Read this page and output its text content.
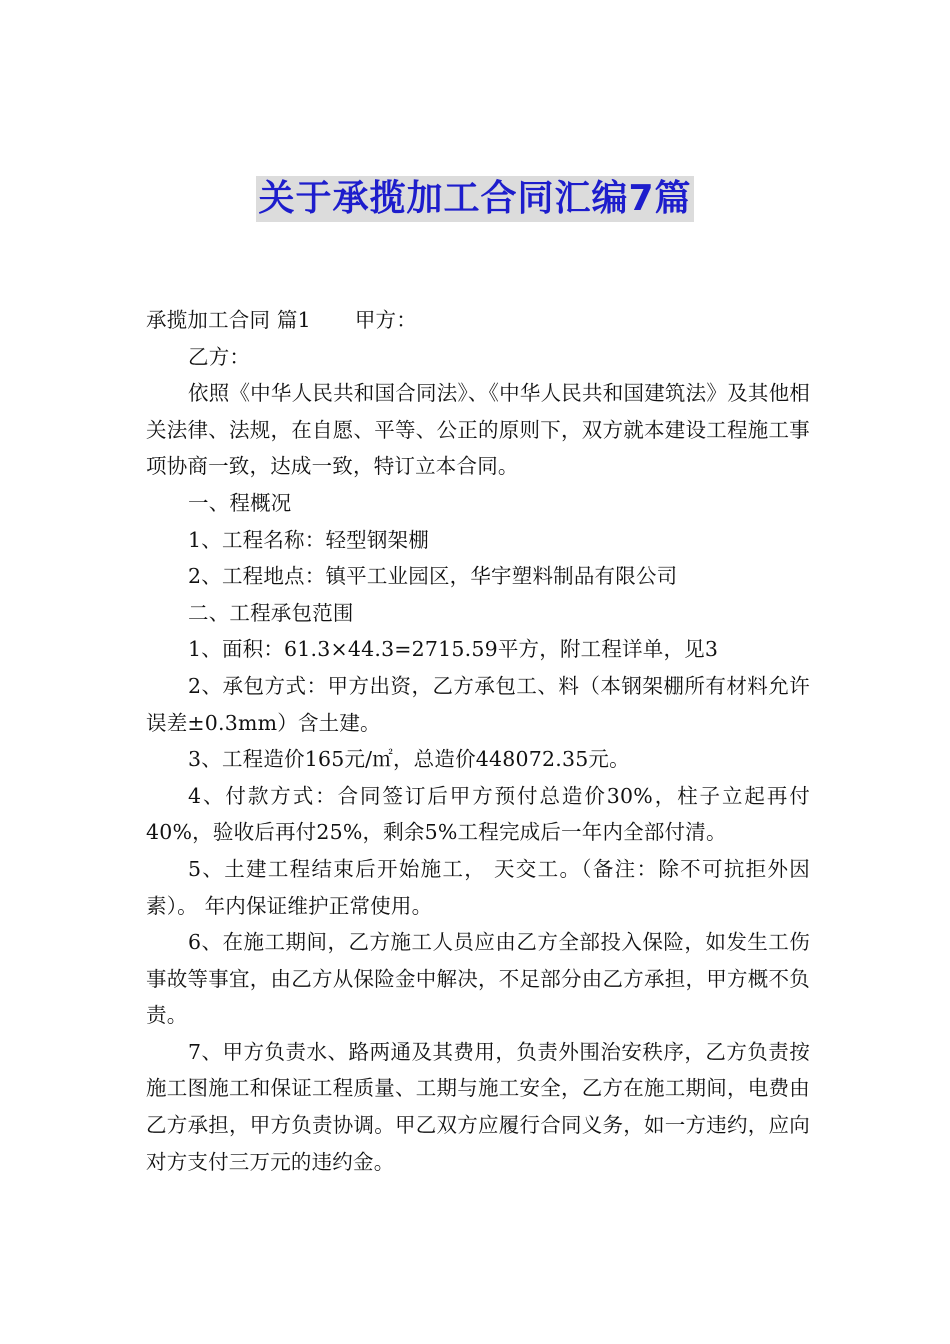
关于承揽加工合同汇编7篇

承揽加工合同 篇1 甲方：

乙方：

依照《中华人民共和国合同法》、《中华人民共和国建筑法》及其他相关法律、法规，在自愿、平等、公正的原则下，双方就本建设工程施工事项协商一致，达成一致，特订立本合同。

一、程概况

1、工程名称：轻型钢架棚

2、工程地点：镇平工业园区，华宇塑料制品有限公司

二、工程承包范围

1、面积：61.3×44.3=2715.59平方，附工程详单，见3

2、承包方式：甲方出资，乙方承包工、料（本钢架棚所有材料允许误差±0.3mm）含土建。

3、工程造价165元/㎡，总造价448072.35元。

4、付款方式：合同签订后甲方预付总造价30%，柱子立起再付40%，验收后再付25%，剩余5%工程完成后一年内全部付清。

5、土建工程结束后开始施工， 天交工。（备注：除不可抗拒外因素）。 年内保证维护正常使用。

6、在施工期间，乙方施工人员应由乙方全部投入保险，如发生工伤事故等事宜，由乙方从保险金中解决，不足部分由乙方承担，甲方概不负责。

7、甲方负责水、路两通及其费用，负责外围治安秩序，乙方负责按施工图施工和保证工程质量、工期与施工安全，乙方在施工期间，电费由乙方承担，甲方负责协调。甲乙双方应履行合同义务，如一方违约，应向对方支付三万元的违约金。
